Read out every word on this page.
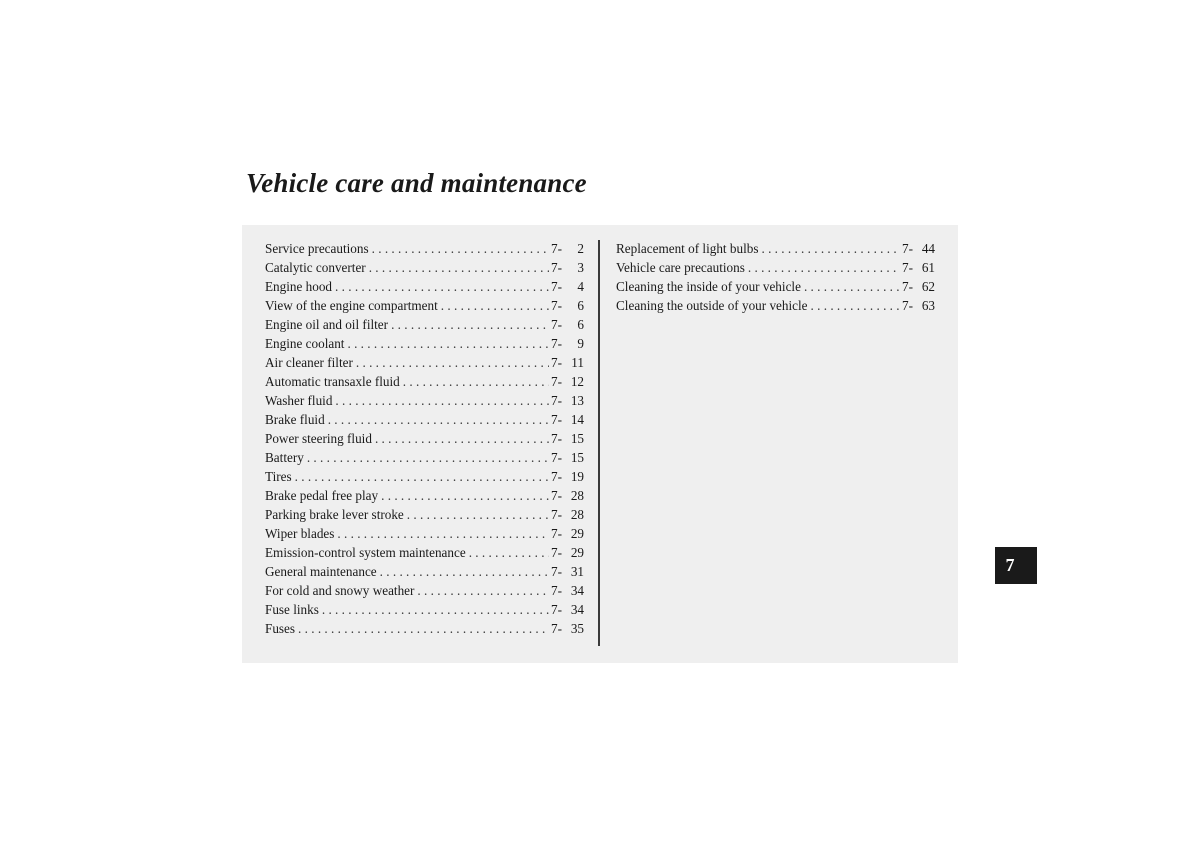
Vehicle care and maintenance
Service precautions . . .	7-	2
Catalytic converter . . .	7-	3
Engine hood . . .	7-	4
View of the engine compartment . . .	7-	6
Engine oil and oil filter . . .	7-	6
Engine coolant . . .	7-	9
Air cleaner filter . . .	7- 11
Automatic transaxle fluid . . .	7- 12
Washer fluid . . .	7- 13
Brake fluid . . .	7- 14
Power steering fluid . . .	7- 15
Battery . . .	7- 15
Tires . . .	7- 19
Brake pedal free play . . .	7- 28
Parking brake lever stroke . . .	7- 28
Wiper blades . . .	7- 29
Emission-control system maintenance . . .	7- 29
General maintenance . . .	7- 31
For cold and snowy weather . . .	7- 34
Fuse links . . .	7- 34
Fuses . . .	7- 35
Replacement of light bulbs . . .	7- 44
Vehicle care precautions . . .	7- 61
Cleaning the inside of your vehicle . . .	7- 62
Cleaning the outside of your vehicle . . .	7- 63
7
